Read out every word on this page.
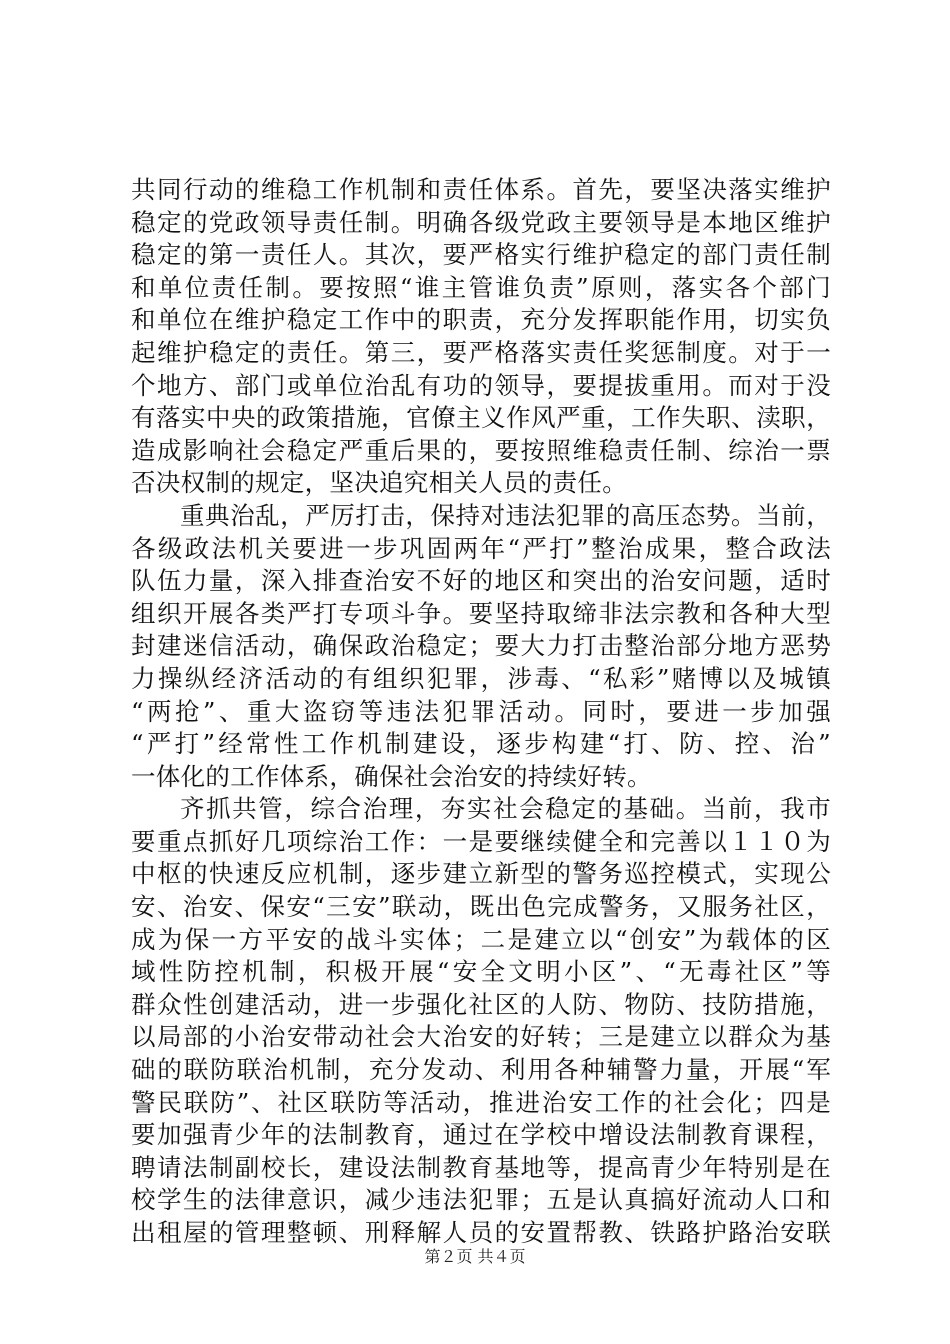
共同行动的维稳工作机制和责任体系。首先，要坚决落实维护
稳定的党政领导责任制。明确各级党政主要领导是本地区维护
稳定的第一责任人。其次，要严格实行维护稳定的部门责任制
和单位责任制。要按照“谁主管谁负责”原则，落实各个部门
和单位在维护稳定工作中的职责，充分发挥职能作用，切实负
起维护稳定的责任。第三，要严格落实责任奖惩制度。对于一
个地方、部门或单位治乱有功的领导，要提拔重用。而对于没
有落实中央的政策措施，官僚主义作风严重，工作失职、渎职，
造成影响社会稳定严重后果的，要按照维稳责任制、综治一票
否决权制的规定，坚决追究相关人员的责任。
重典治乱，严厉打击，保持对违法犯罪的高压态势。当前，
各级政法机关要进一步巩固两年“严打”整治成果，整合政法
队伍力量，深入排查治安不好的地区和突出的治安问题，适时
组织开展各类严打专项斗争。要坚持取缔非法宗教和各种大型
封建迷信活动，确保政治稳定；要大力打击整治部分地方恶势
力操纵经济活动的有组织犯罪，涉毒、“私彩”赌博以及城镇
“两抢”、重大盗窃等违法犯罪活动。同时，要进一步加强
“严打”经常性工作机制建设，逐步构建“打、防、控、治”
一体化的工作体系，确保社会治安的持续好转。
齐抓共管，综合治理，夯实社会稳定的基础。当前，我市
要重点抓好几项综治工作：一是要继续健全和完善以１１０为
中枢的快速反应机制，逐步建立新型的警务巡控模式，实现公
安、治安、保安“三安”联动，既出色完成警务，又服务社区，
成为保一方平安的战斗实体；二是建立以“创安”为载体的区
域性防控机制，积极开展“安全文明小区”、“无毒社区”等
群众性创建活动，进一步强化社区的人防、物防、技防措施，
以局部的小治安带动社会大治安的好转；三是建立以群众为基
础的联防联治机制，充分发动、利用各种辅警力量，开展“军
警民联防”、社区联防等活动，推进治安工作的社会化；四是
要加强青少年的法制教育，通过在学校中增设法制教育课程，
聘请法制副校长，建设法制教育基地等，提高青少年特别是在
校学生的法律意识，减少违法犯罪；五是认真搞好流动人口和
出租屋的管理整顿、刑释解人员的安置帮教、铁路护路治安联
第２页 共４页
